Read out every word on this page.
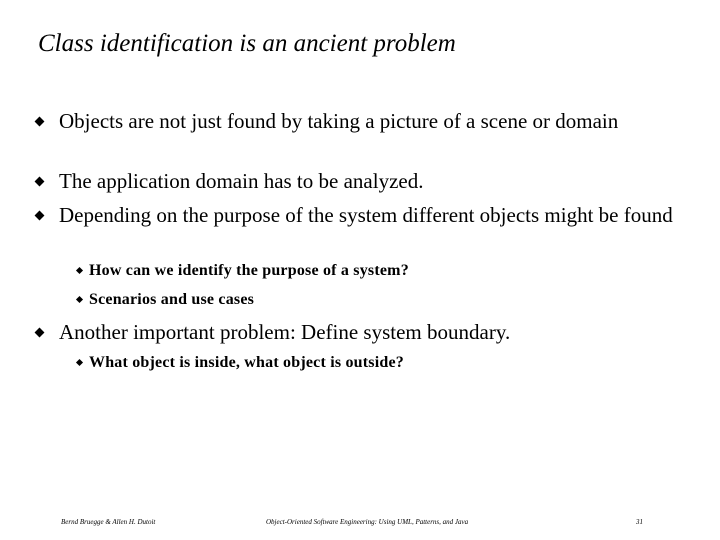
Class identification is an ancient problem
Objects are not just found by taking a picture of a scene or domain
The application domain has to be analyzed.
Depending on the purpose of the system different objects might be found
How can we identify the purpose of a system?
Scenarios and use cases
Another important problem: Define system boundary.
What object is inside, what object is outside?
Bernd Bruegge & Allen H. Dutoit	Object-Oriented Software Engineering: Using UML, Patterns, and Java	31
